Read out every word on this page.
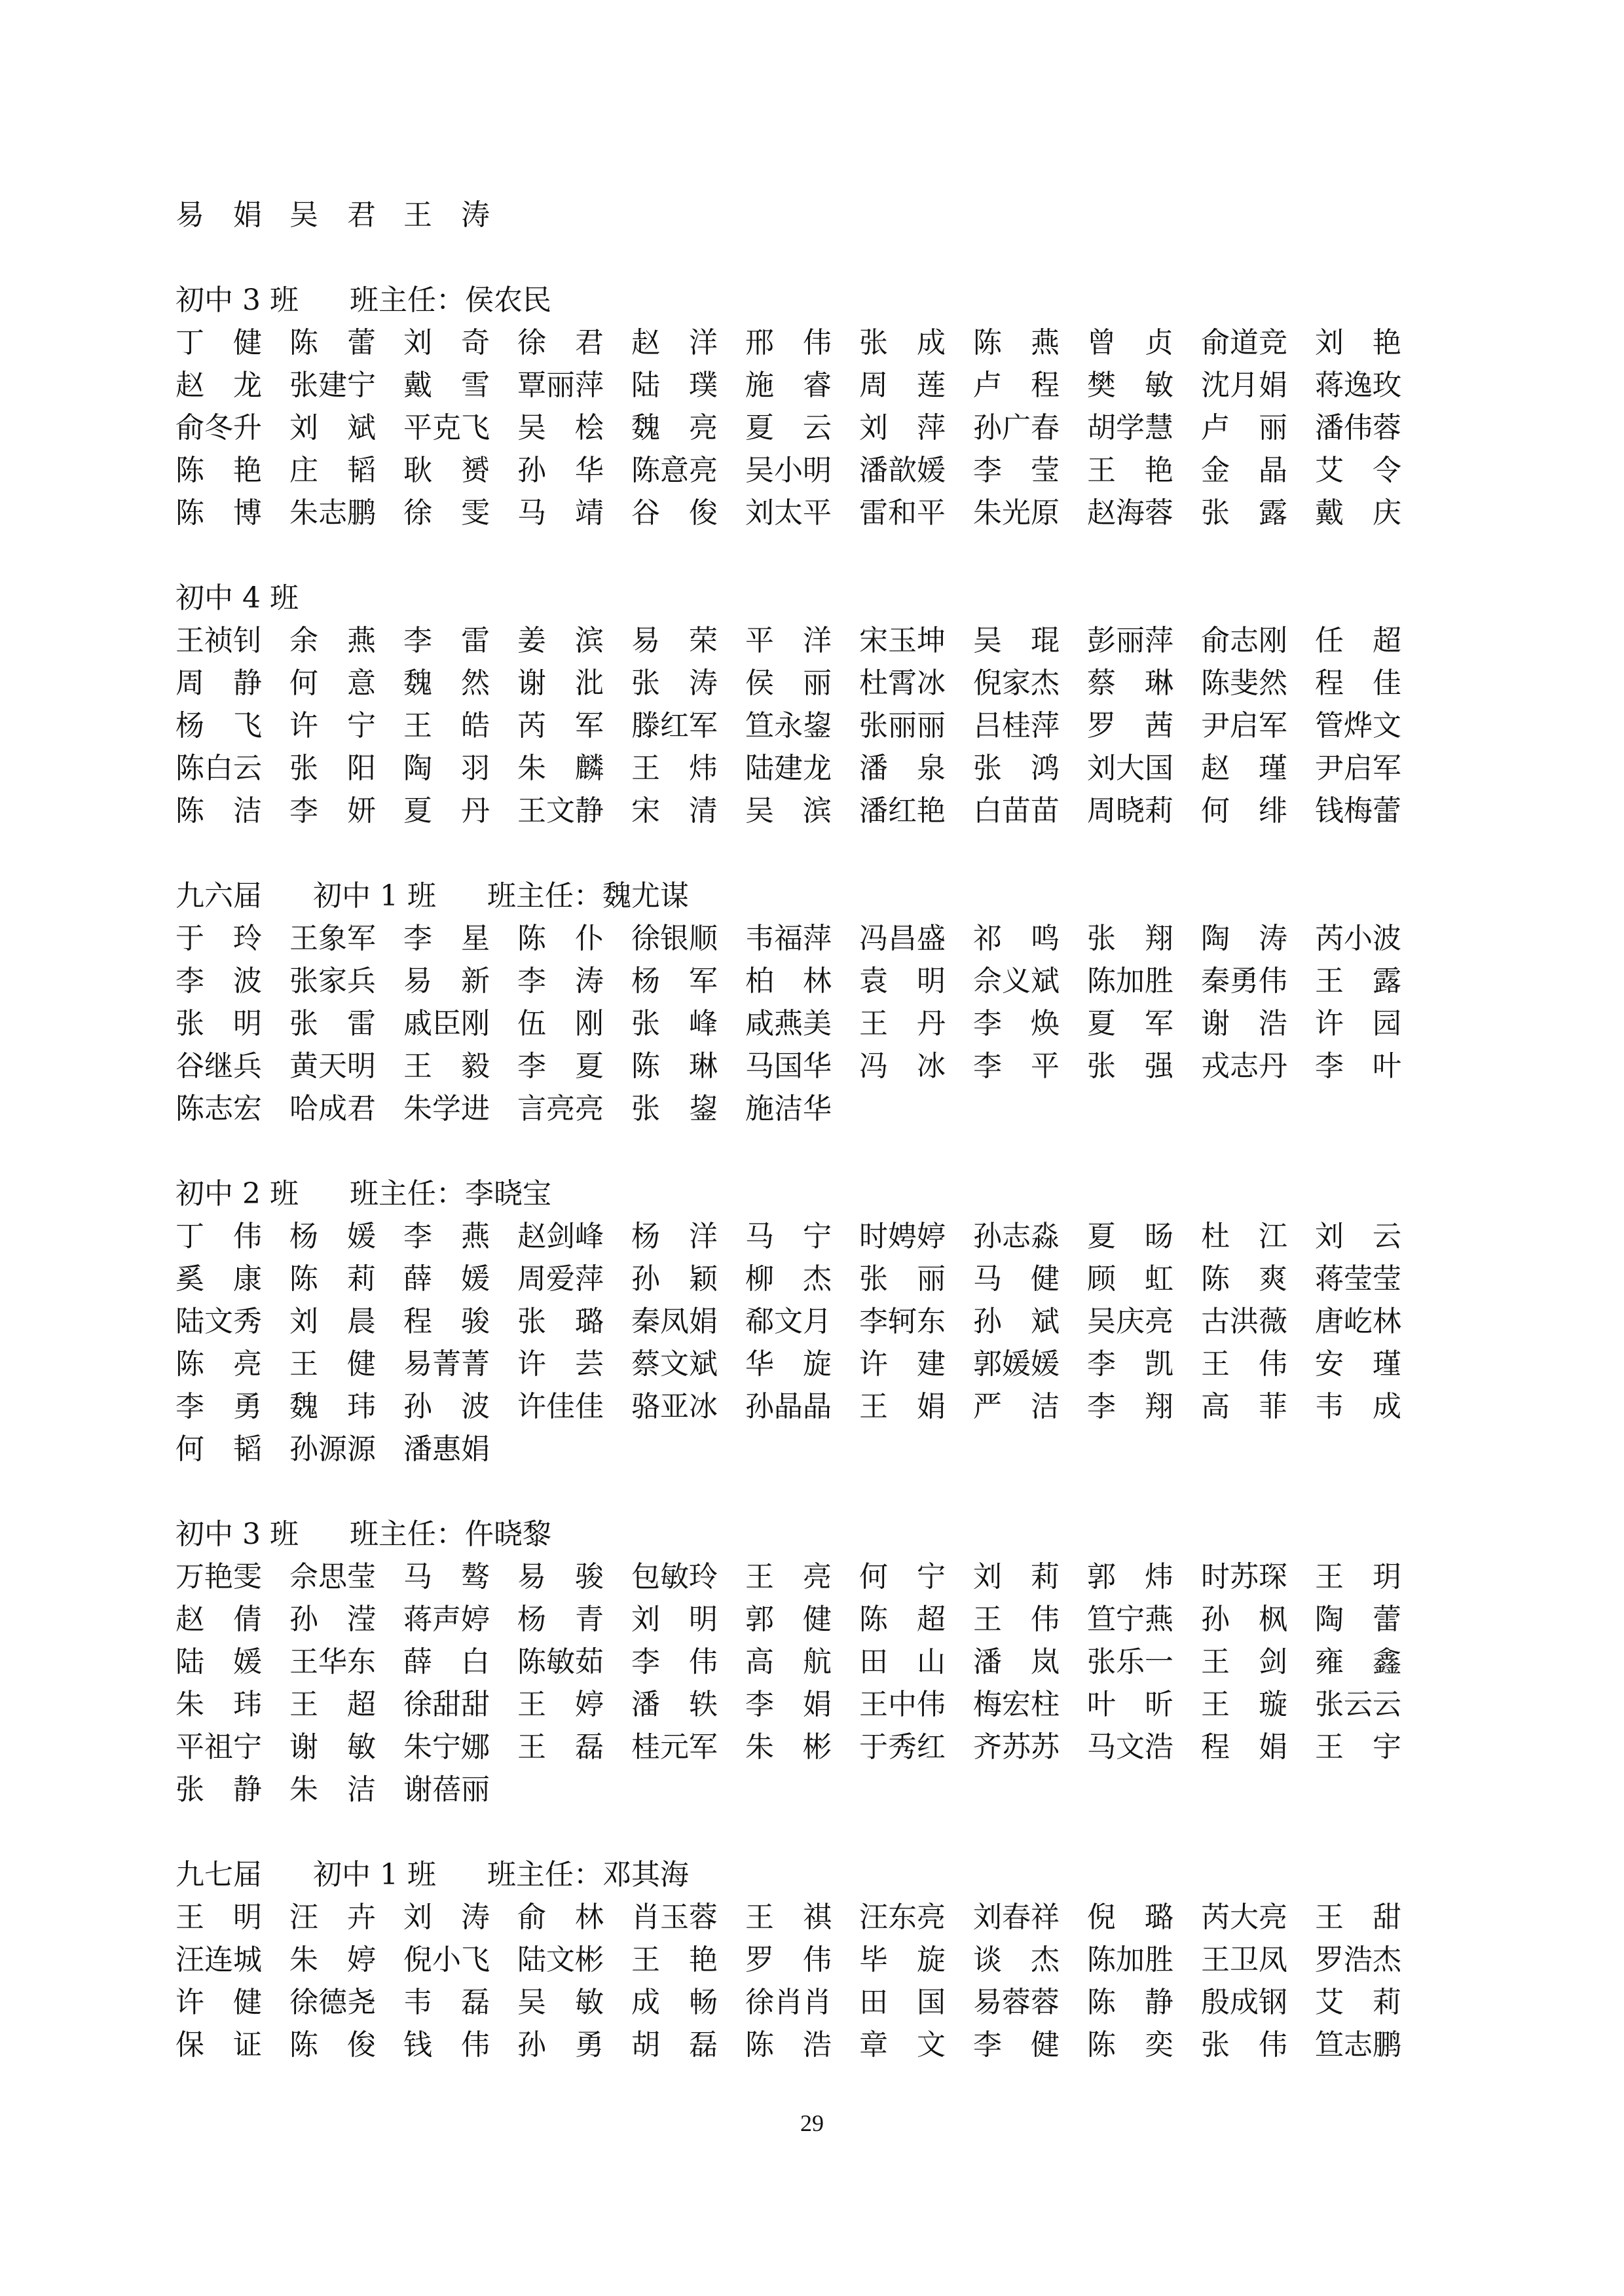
易　娟 吴　君 王　涛
初中 3 班 班主任：侯农民
丁　健 陈　蕾 刘　奇 徐　君 赵　洋 邢　伟 张　成 陈　燕 曾　贞 俞道竞 刘　艳
赵　龙 张建宁 戴　雪 覃丽萍 陆　璞 施　睿 周　莲 卢　程 樊　敏 沈月娟 蒋逸玫
俞冬升 刘　斌 平克飞 吴　桧 魏　亮 夏　云 刘　萍 孙广春 胡学慧 卢　丽 潘伟蓉
陈　艳 庄　韬 耿　赟 孙　华 陈意亮 吴小明 潘歆媛 李　莹 王　艳 金　晶 艾　令
陈　博 朱志鹏 徐　雯 马　靖 谷　俊 刘太平 雷和平 朱光原 赵海蓉 张　露 戴　庆
初中 4 班
王祯钊 余　燕 李　雷 姜　滨 易　荣 平　洋 宋玉坤 吴　琨 彭丽萍 俞志刚 任　超
周　静 何　意 魏　然 谢　沘 张　涛 侯　丽 杜霄冰 倪家杰 蔡　琳 陈斐然 程　佳
杨　飞 许　宁 王　皓 芮　军 滕红军 笪永鋆 张丽丽 吕桂萍 罗　茜 尹启军 管烨文
陈白云 张　阳 陶　羽 朱　麟 王　炜 陆建龙 潘　泉 张　鸿 刘大国 赵　瑾 尹启军
陈　洁 李　妍 夏　丹 王文静 宋　清 吴　滨 潘红艳 白苗苗 周晓莉 何　绯 钱梅蕾
九六届 初中 1 班 班主任：魏尤谋
于　玲 王象军 李　星 陈　仆 徐银顺 韦福萍 冯昌盛 祁　鸣 张　翔 陶　涛 芮小波
李　波 张家兵 易　新 李　涛 杨　军 柏　林 袁　明 佘义斌 陈加胜 秦勇伟 王　露
张　明 张　雷 戚臣刚 伍　刚 张　峰 咸燕美 王　丹 李　焕 夏　军 谢　浩 许　园
谷继兵 黄天明 王　毅 李　夏 陈　琳 马国华 冯　冰 李　平 张　强 戎志丹 李　叶
陈志宏 哈成君 朱学进 言亮亮 张　鋆 施洁华
初中 2 班 班主任：李晓宝
丁　伟 杨　媛 李　燕 赵剑峰 杨　洋 马　宁 时娉婷 孙志淼 夏　旸 杜　江 刘　云
奚　康 陈　莉 薛　媛 周爱萍 孙　颖 柳　杰 张　丽 马　健 顾　虹 陈　爽 蒋莹莹
陆文秀 刘　晨 程　骏 张　璐 秦凤娟 郗文月 李轲东 孙　斌 吴庆亮 古洪薇 唐屹林
陈　亮 王　健 易菁菁 许　芸 蔡文斌 华　旋 许　建 郭媛媛 李　凯 王　伟 安　瑾
李　勇 魏　玮 孙　波 许佳佳 骆亚冰 孙晶晶 王　娟 严　洁 李　翔 高　菲 韦　成
何　韬 孙源源 潘惠娟
初中 3 班 班主任：仵晓黎
万艳雯 佘思莹 马　骜 易　骏 包敏玲 王　亮 何　宁 刘　莉 郭　炜 时苏琛 王　玥
赵　倩 孙　滢 蒋声婷 杨　青 刘　明 郭　健 陈　超 王　伟 笪宁燕 孙　枫 陶　蕾
陆　媛 王华东 薛　白 陈敏茹 李　伟 高　航 田　山 潘　岚 张乐一 王　剑 雍　鑫
朱　玮 王　超 徐甜甜 王　婷 潘　轶 李　娟 王中伟 梅宏柱 叶　昕 王　璇 张云云
平祖宁 谢　敏 朱宁娜 王　磊 桂元军 朱　彬 于秀红 齐苏苏 马文浩 程　娟 王　宇
张　静 朱　洁 谢蓓丽
九七届 初中 1 班 班主任：邓其海
王　明 汪　卉 刘　涛 俞　林 肖玉蓉 王　祺 汪东亮 刘春祥 倪　璐 芮大亮 王　甜
汪连城 朱　婷 倪小飞 陆文彬 王　艳 罗　伟 毕　旋 谈　杰 陈加胜 王卫凤 罗浩杰
许　健 徐德尧 韦　磊 吴　敏 成　畅 徐肖肖 田　国 易蓉蓉 陈　静 殷成钢 艾　莉
保　证 陈　俊 钱　伟 孙　勇 胡　磊 陈　浩 章　文 李　健 陈　奕 张　伟 笪志鹏
29
